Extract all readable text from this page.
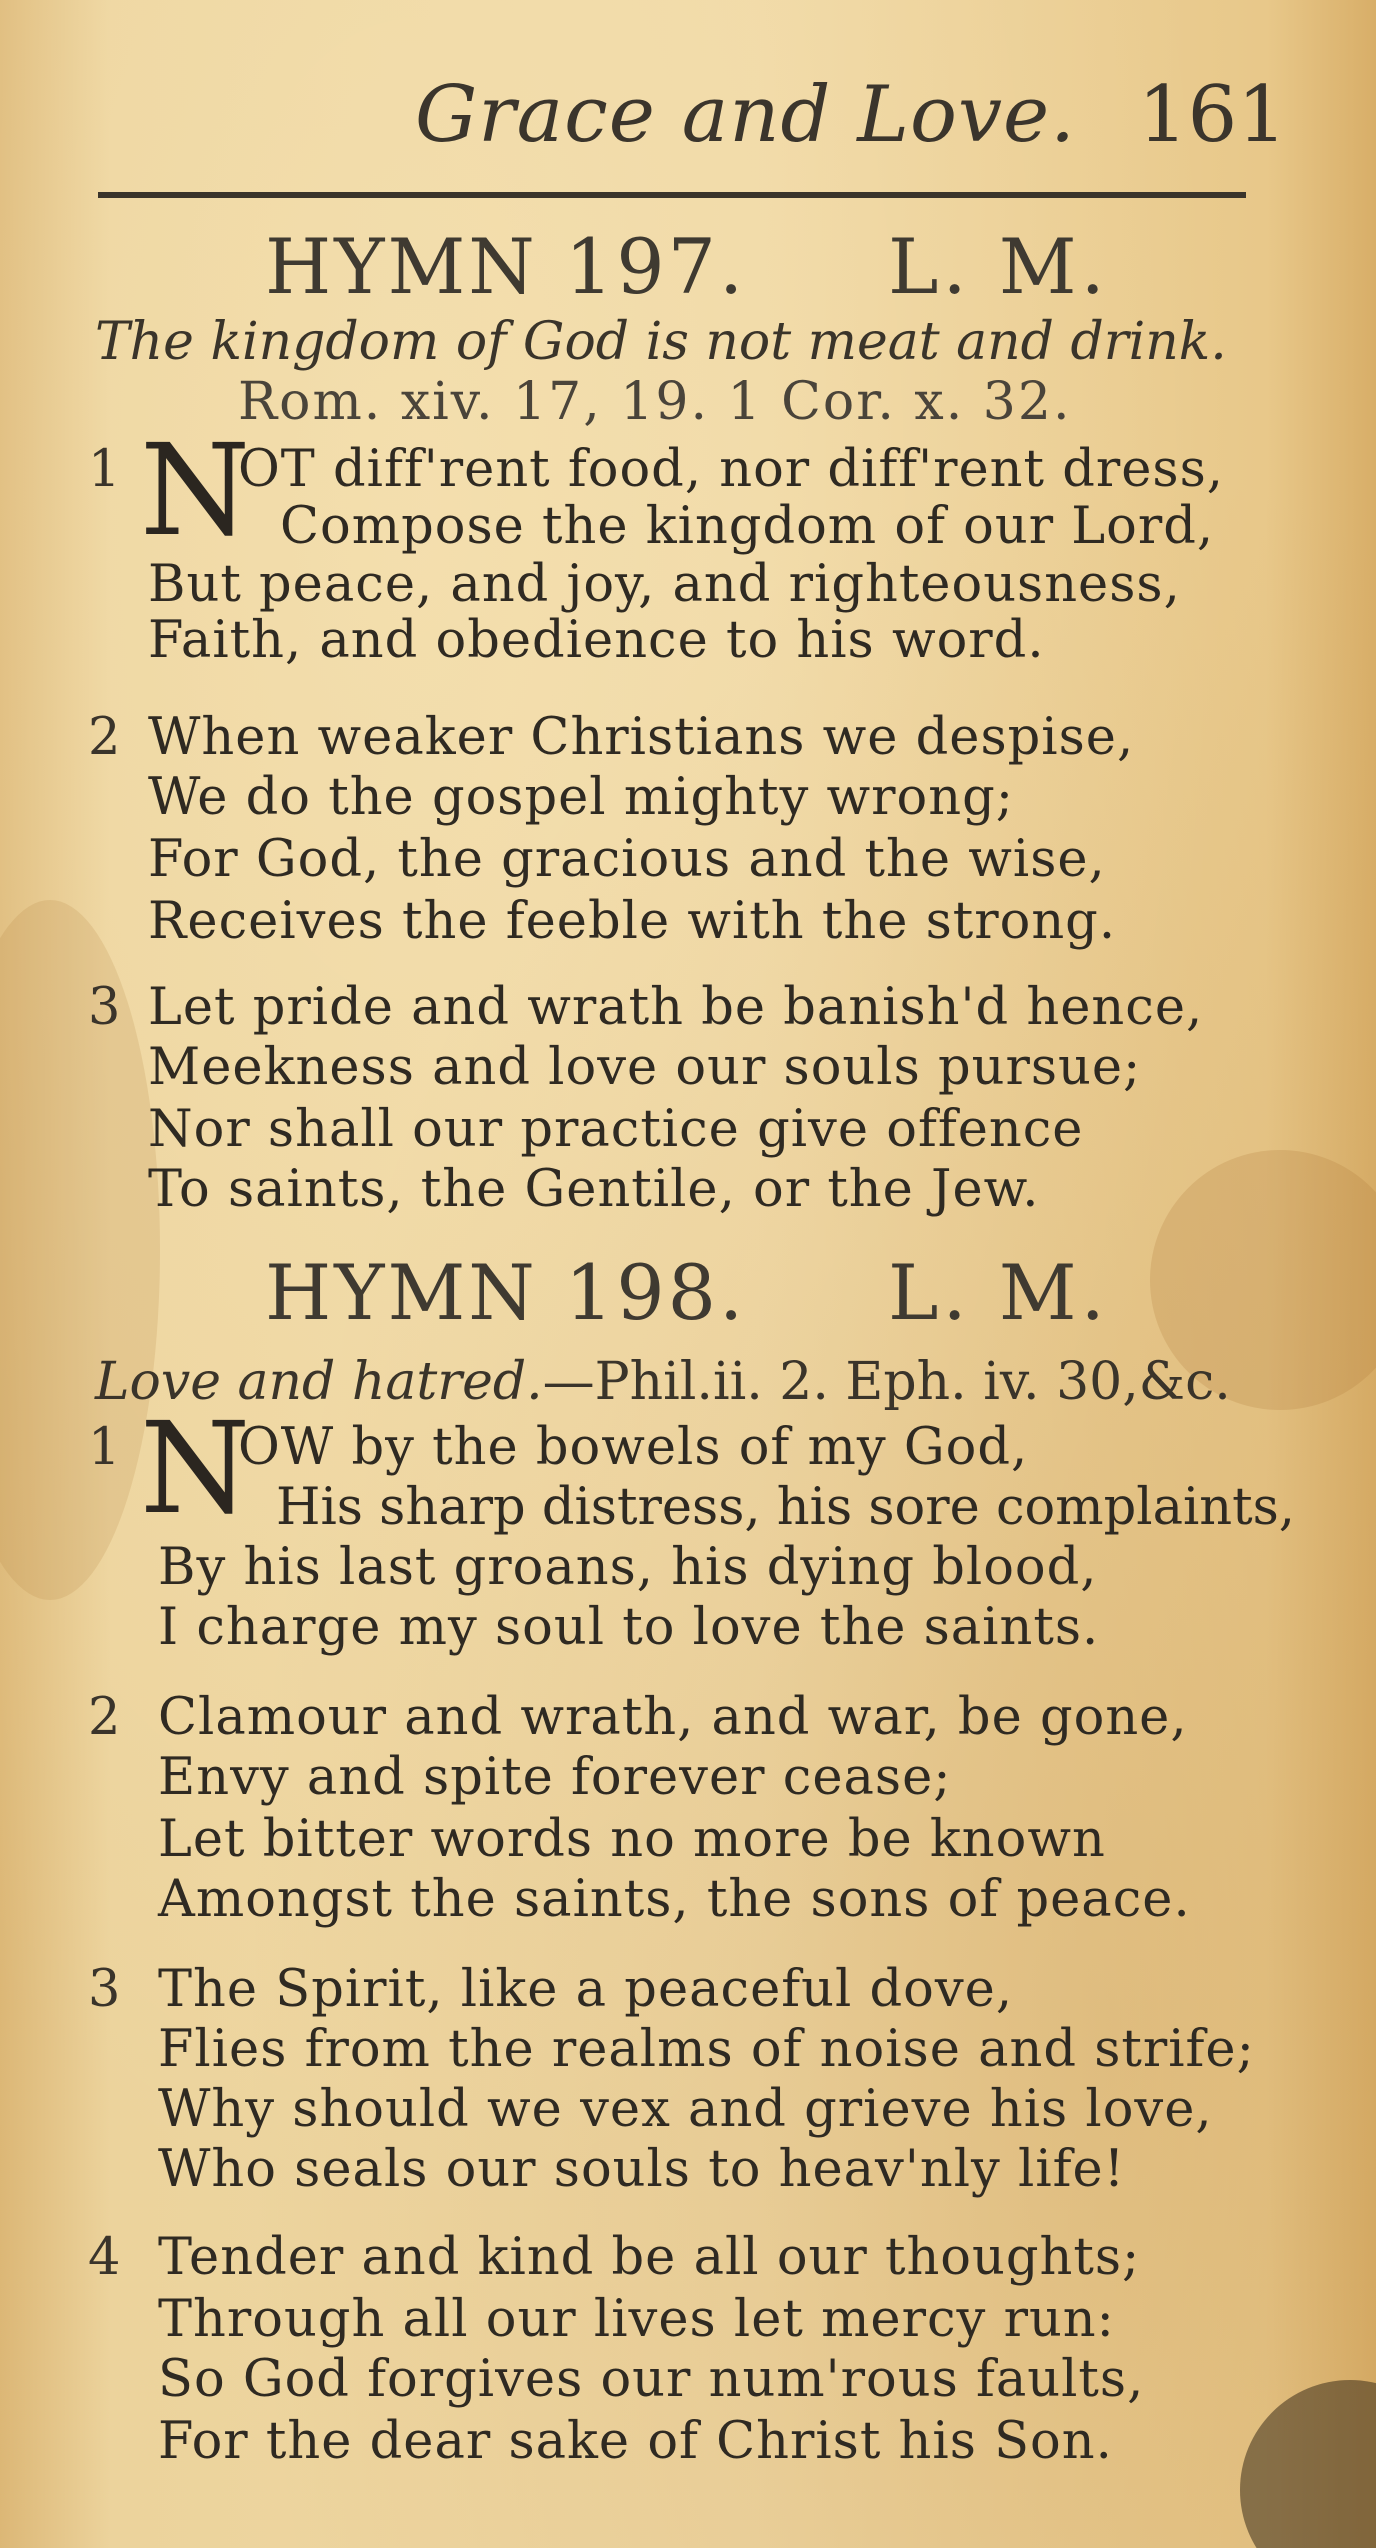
Grace and Love. 161
HYMN 197. L. M.
The kingdom of God is not meat and drink.
Rom. xiv. 17, 19. 1 Cor. x. 32.
1 N
OT diff'rent food, nor diff'rent dress,
Compose the kingdom of our Lord,
But peace, and joy, and righteousness,
Faith, and obedience to his word.
2 When weaker Christians we despise,
We do the gospel mighty wrong;
For God, the gracious and the wise,
Receives the feeble with the strong.
3 Let pride and wrath be banish'd hence,
Meekness and love our souls pursue;
Nor shall our practice give offence
To saints, the Gentile, or the Jew.
HYMN 198. L. M.
Love and hatred.—Phil.ii. 2. Eph. iv. 30,&c.
1 N
OW by the bowels of my God,
His sharp distress, his sore complaints,
By his last groans, his dying blood,
I charge my soul to love the saints.
2 Clamour and wrath, and war, be gone,
Envy and spite forever cease;
Let bitter words no more be known
Amongst the saints, the sons of peace.
3 The Spirit, like a peaceful dove,
Flies from the realms of noise and strife;
Why should we vex and grieve his love,
Who seals our souls to heav'nly life!
4 Tender and kind be all our thoughts;
Through all our lives let mercy run:
So God forgives our num'rous faults,
For the dear sake of Christ his Son.
